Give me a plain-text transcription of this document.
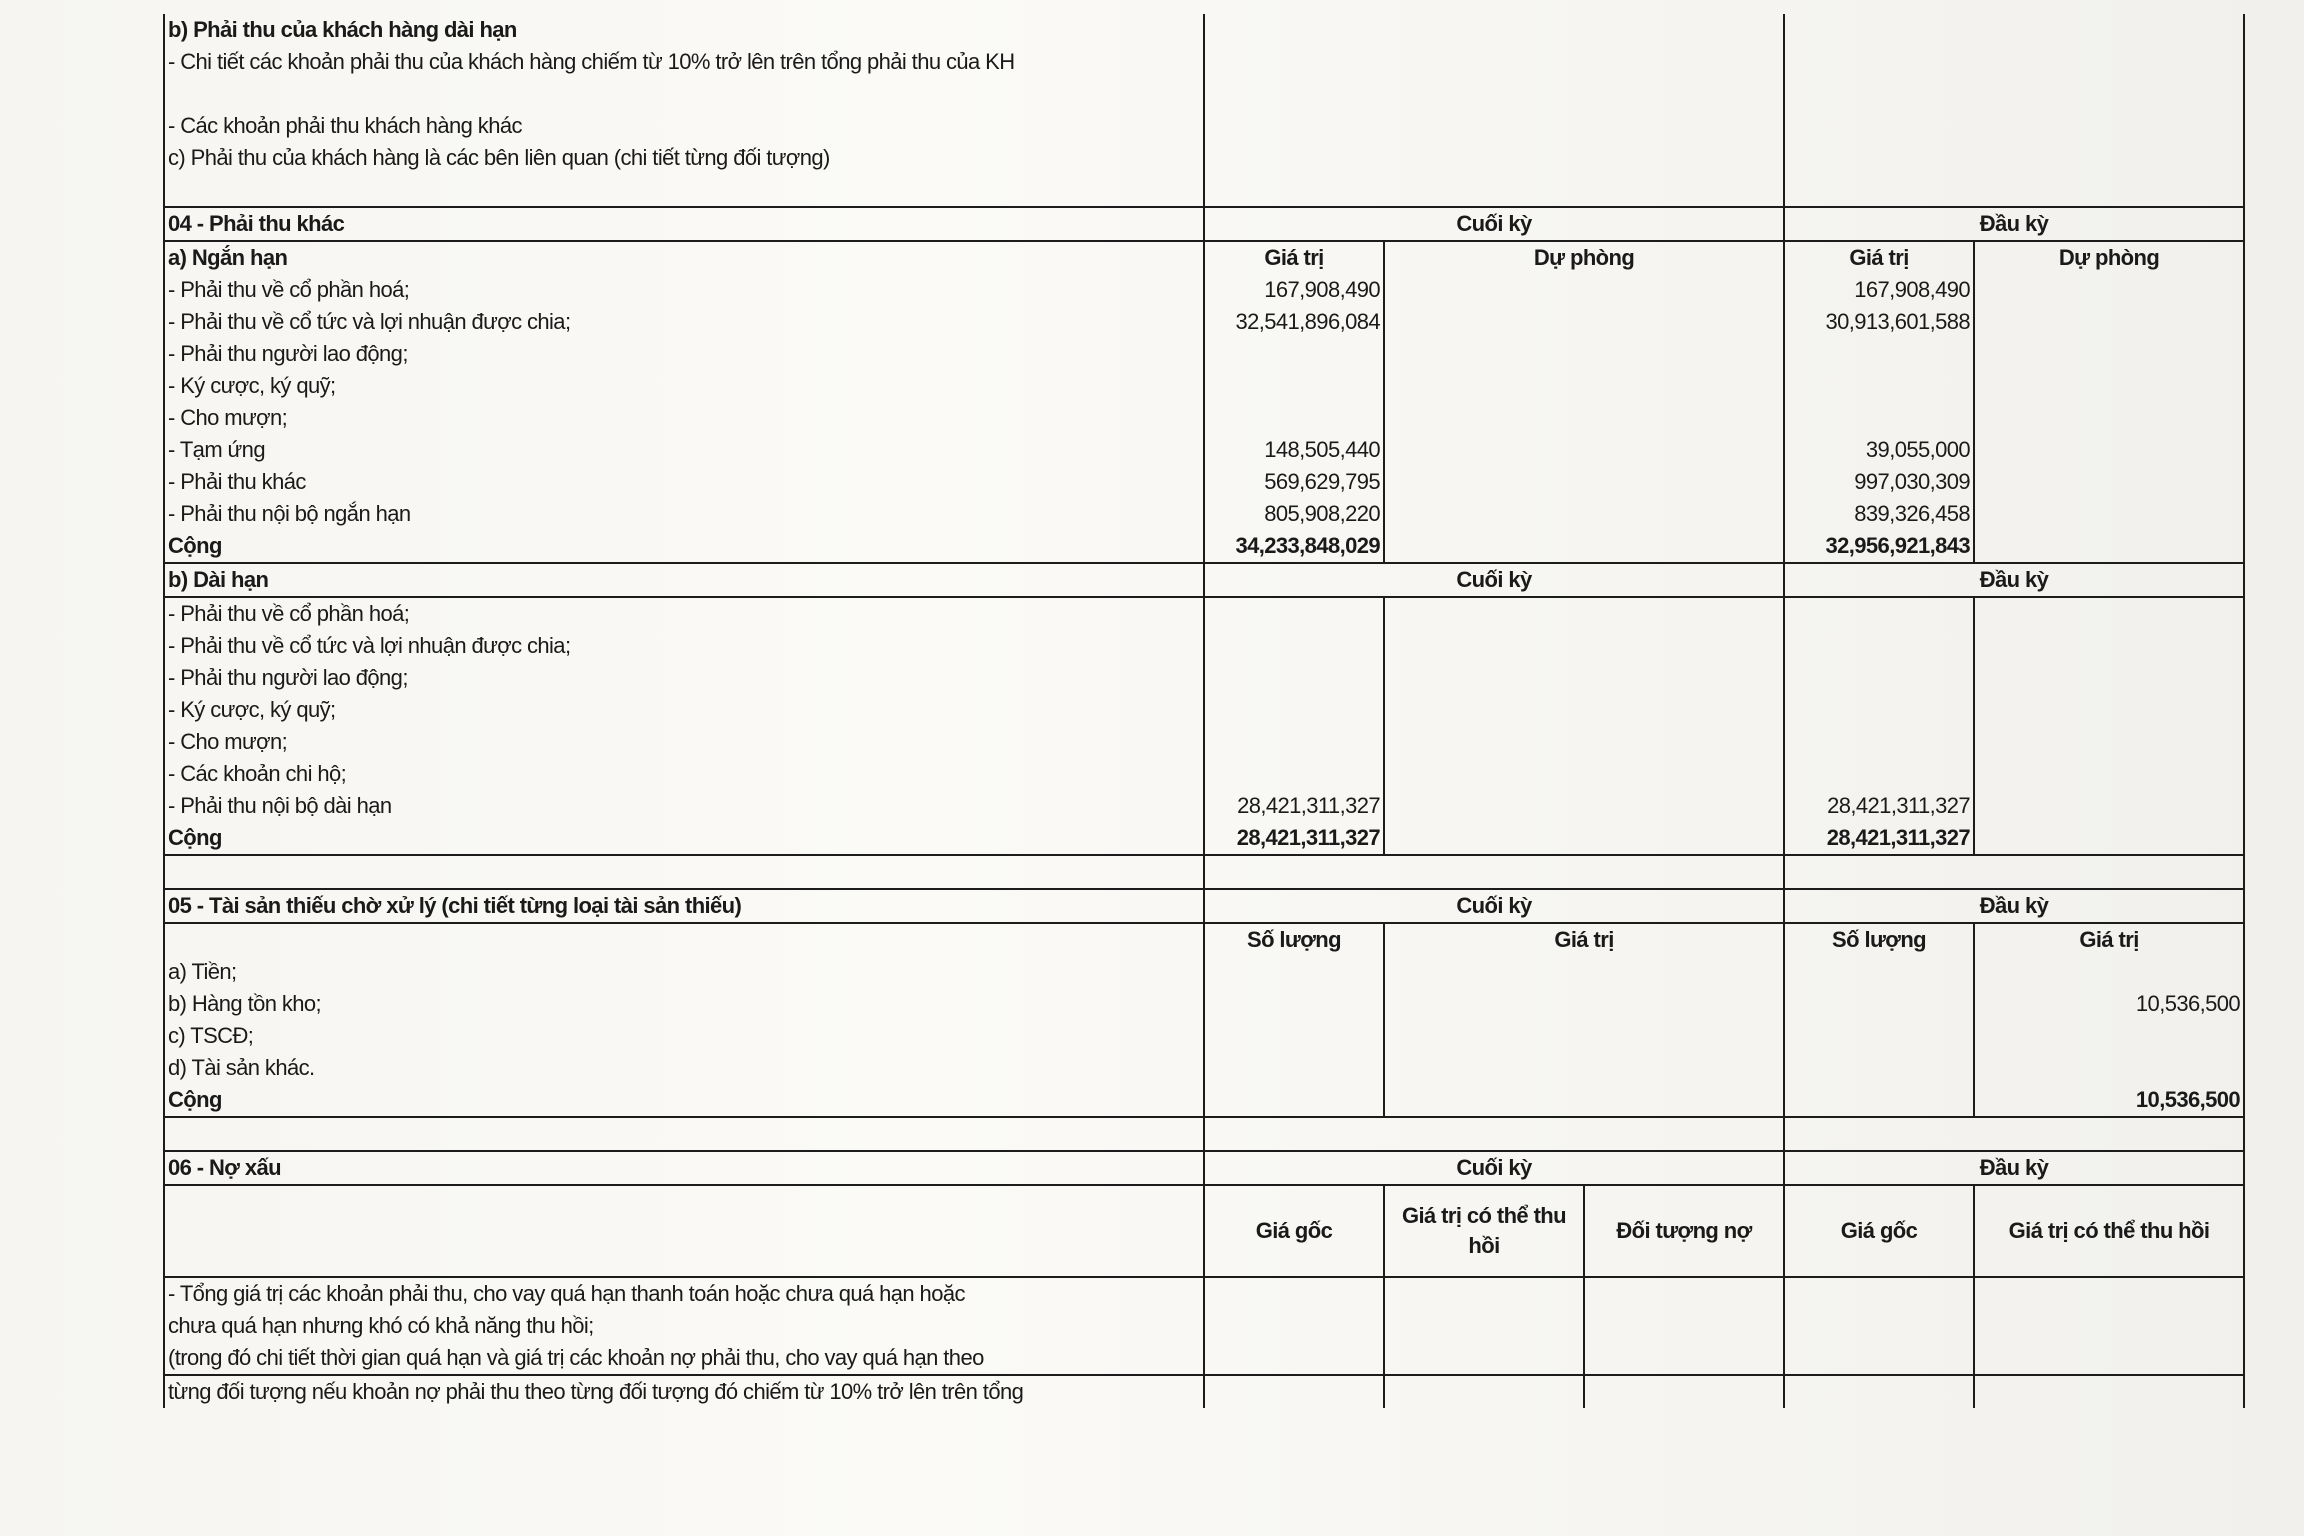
b) Phải thu của khách hàng dài hạn					
- Chi tiết các khoản phải thu của khách hàng chiếm từ 10% trở lên trên tổng phải thu của KH					

- Các khoản phải thu khách hàng khác					
c) Phải thu của khách hàng là các bên liên quan (chi tiết từng đối tượng)					

04 - Phải thu khác	Cuối kỳ			Đầu kỳ	
a) Ngắn hạn	Giá trị	Dự phòng		Giá trị	Dự phòng
- Phải thu về cổ phần hoá;	167,908,490			167,908,490	
- Phải thu về cổ tức và lợi nhuận được chia;	32,541,896,084			30,913,601,588	
- Phải thu người lao động;					
- Ký cược, ký quỹ;					
- Cho mượn;					
- Tạm ứng	148,505,440			39,055,000	
- Phải thu khác	569,629,795			997,030,309	
- Phải thu nội bộ ngắn hạn	805,908,220			839,326,458	
Cộng	34,233,848,029			32,956,921,843	
b) Dài hạn	Cuối kỳ			Đầu kỳ	
- Phải thu về cổ phần hoá;					
- Phải thu về cổ tức và lợi nhuận được chia;					
- Phải thu người lao động;					
- Ký cược, ký quỹ;					
- Cho mượn;					
- Các khoản chi hộ;					
- Phải thu nội bộ dài hạn	28,421,311,327			28,421,311,327	
Cộng	28,421,311,327			28,421,311,327	

05 - Tài sản thiếu chờ xử lý (chi tiết từng loại tài sản thiếu)	Cuối kỳ			Đầu kỳ	
	Số lượng	Giá trị		Số lượng	Giá trị
a) Tiền;					
b) Hàng tồn kho;					10,536,500
c) TSCĐ;					
d) Tài sản khác.					
Cộng					10,536,500

06 - Nợ xấu	Cuối kỳ			Đầu kỳ	
	Giá gốc	Giá trị có thể thu hồi	Đối tượng nợ	Giá gốc	Giá trị có thể thu hồi
- Tổng giá trị các khoản phải thu, cho vay quá hạn thanh toán hoặc chưa quá hạn hoặc					
chưa quá hạn nhưng khó có khả năng thu hồi;					
(trong đó chi tiết thời gian quá hạn và giá trị các khoản nợ phải thu, cho vay quá hạn theo					
từng đối tượng nếu khoản nợ phải thu theo từng đối tượng đó chiếm từ 10% trở lên trên tổng					
